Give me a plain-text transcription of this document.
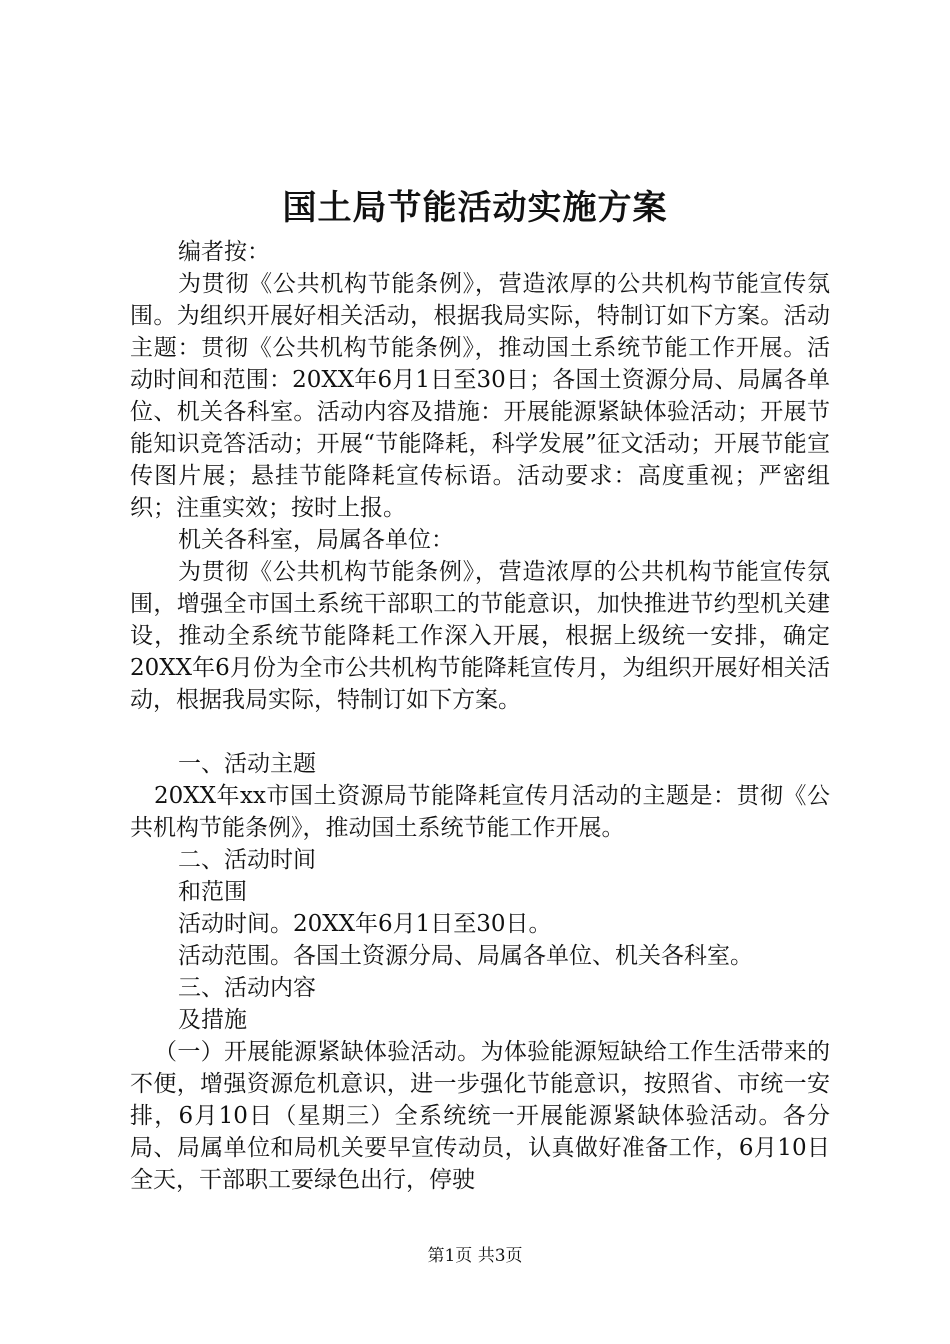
国土局节能活动实施方案

编者按：

为贯彻《公共机构节能条例》，营造浓厚的公共机构节能宣传氛围。为组织开展好相关活动，根据我局实际，特制订如下方案。活动主题：贯彻《公共机构节能条例》，推动国土系统节能工作开展。活动时间和范围：20XX年6月1日至30日；各国土资源分局、局属各单位、机关各科室。活动内容及措施：开展能源紧缺体验活动；开展节能知识竞答活动；开展“节能降耗，科学发展”征文活动；开展节能宣传图片展；悬挂节能降耗宣传标语。活动要求：高度重视；严密组织；注重实效；按时上报。

机关各科室，局属各单位：

为贯彻《公共机构节能条例》，营造浓厚的公共机构节能宣传氛围，增强全市国土系统干部职工的节能意识，加快推进节约型机关建设，推动全系统节能降耗工作深入开展，根据上级统一安排，确定20XX年6月份为全市公共机构节能降耗宣传月，为组织开展好相关活动，根据我局实际，特制订如下方案。

一、活动主题

20XX年xx市国土资源局节能降耗宣传月活动的主题是：贯彻《公共机构节能条例》，推动国土系统节能工作开展。

二、活动时间

和范围

活动时间。20XX年6月1日至30日。

活动范围。各国土资源分局、局属各单位、机关各科室。

三、活动内容

及措施

（一）开展能源紧缺体验活动。为体验能源短缺给工作生活带来的不便，增强资源危机意识，进一步强化节能意识，按照省、市统一安排，6月10日（星期三）全系统统一开展能源紧缺体验活动。各分局、局属单位和局机关要早宣传动员，认真做好准备工作，6月10日全天，干部职工要绿色出行，停驶

第1页 共3页
